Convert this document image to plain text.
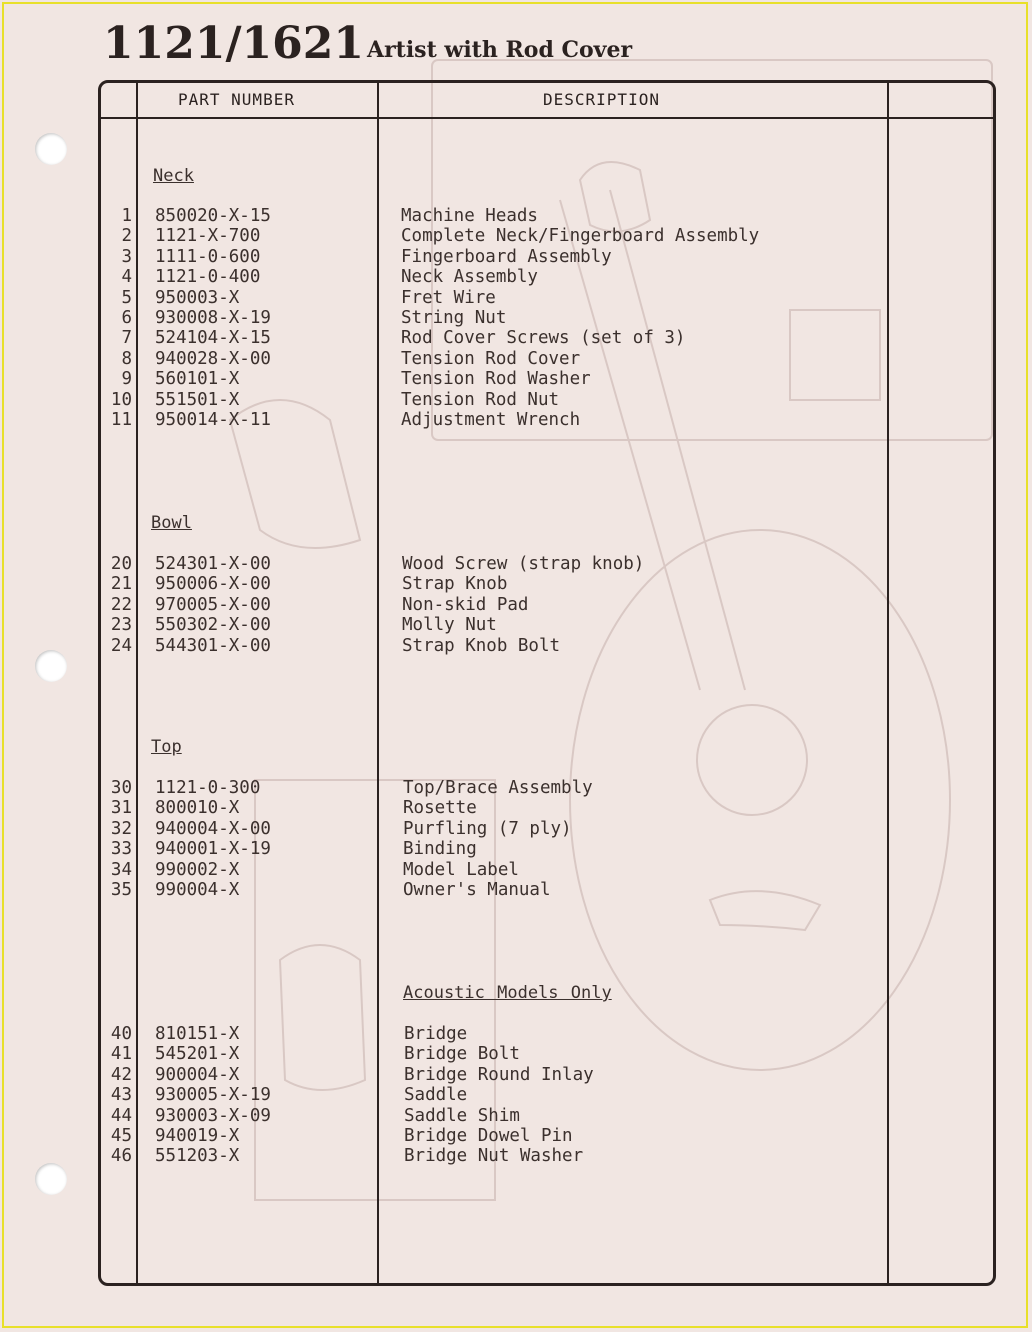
1121/1621 Artist with Rod Cover
PART NUMBER	DESCRIPTION
Neck
1 850020-X-15	Machine Heads
2 1121-X-700	Complete Neck/Fingerboard Assembly
3 1111-0-600	Fingerboard Assembly
4 1121-0-400	Neck Assembly
5 950003-X	Fret Wire
6 930008-X-19	String Nut
7 524104-X-15	Rod Cover Screws (set of 3)
8 940028-X-00	Tension Rod Cover
9 560101-X	Tension Rod Washer
10 551501-X	Tension Rod Nut
11 950014-X-11	Adjustment Wrench
Bowl
20 524301-X-00	Wood Screw (strap knob)
21 950006-X-00	Strap Knob
22 970005-X-00	Non-skid Pad
23 550302-X-00	Molly Nut
24 544301-X-00	Strap Knob Bolt
Top
30 1121-0-300	Top/Brace Assembly
31 800010-X	Rosette
32 940004-X-00	Purfling (7 ply)
33 940001-X-19	Binding
34 990002-X	Model Label
35 990004-X	Owner's Manual
Acoustic Models Only
40 810151-X	Bridge
41 545201-X	Bridge Bolt
42 900004-X	Bridge Round Inlay
43 930005-X-19	Saddle
44 930003-X-09	Saddle Shim
45 940019-X	Bridge Dowel Pin
46 551203-X	Bridge Nut Washer
